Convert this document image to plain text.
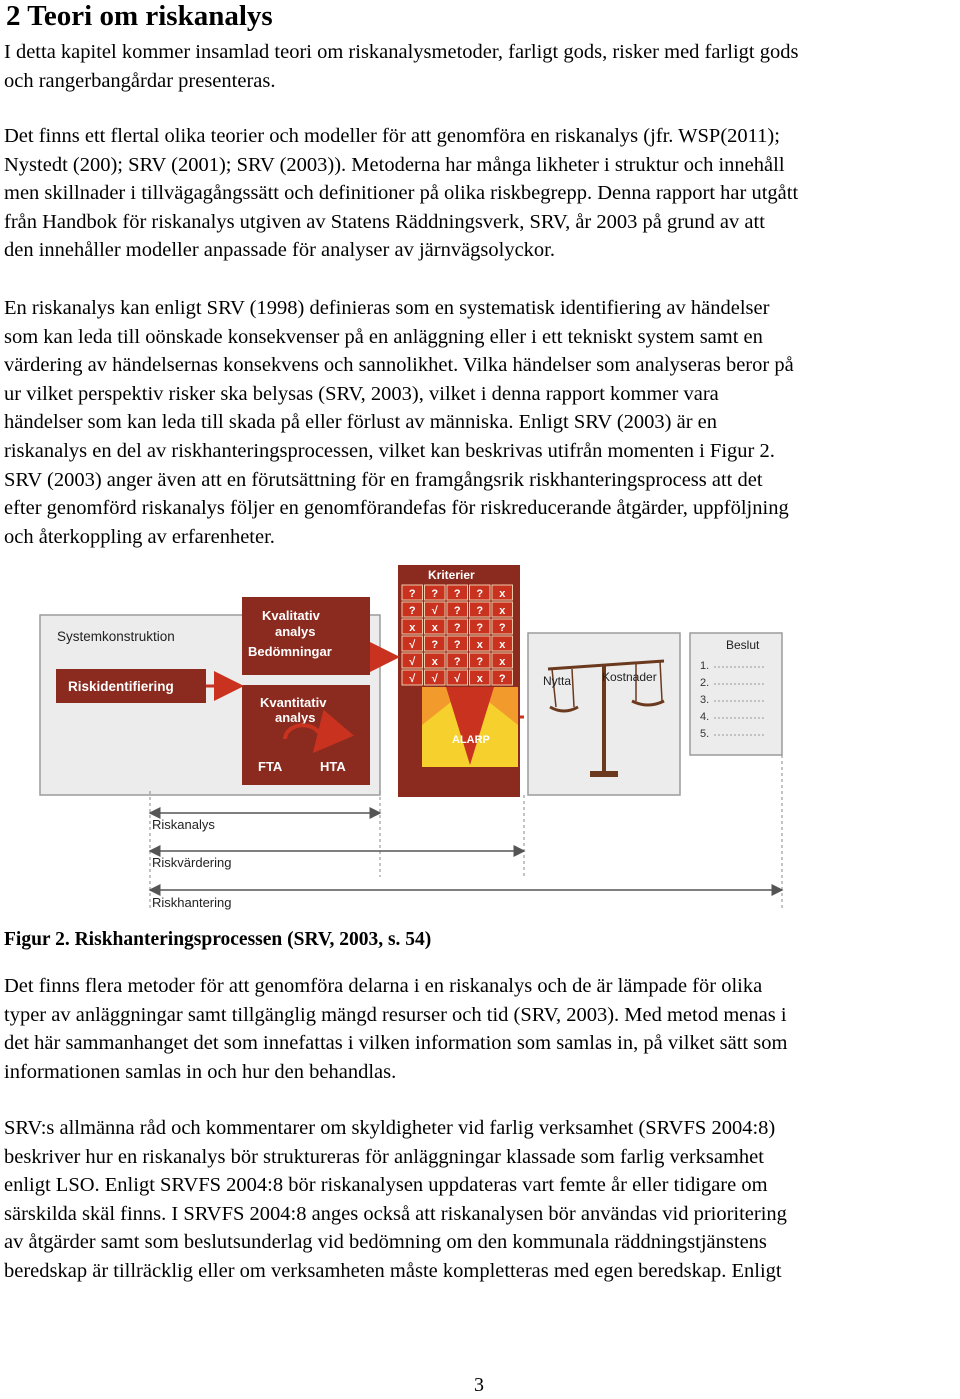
2 Teori om riskanalys

I detta kapitel kommer insamlad teori om riskanalysmetoder, farligt gods, risker med farligt gods
och rangerbangårdar presenteras.

Det finns ett flertal olika teorier och modeller för att genomföra en riskanalys (jfr. WSP(2011);
Nystedt (200); SRV (2001); SRV (2003)). Metoderna har många likheter i struktur och innehåll
men skillnader i tillvägagångssätt och definitioner på olika riskbegrepp. Denna rapport har utgått
från Handbok för riskanalys utgiven av Statens Räddningsverk, SRV, år 2003 på grund av att
den innehåller modeller anpassade för analyser av järnvägsolyckor.

En riskanalys kan enligt SRV (1998) definieras som en systematisk identifiering av händelser
som kan leda till oönskade konsekvenser på en anläggning eller i ett tekniskt system samt en
värdering av händelsernas konsekvens och sannolikhet. Vilka händelser som analyseras beror på
ur vilket perspektiv risker ska belysas (SRV, 2003), vilket i denna rapport kommer vara
händelser som kan leda till skada på eller förlust av människa. Enligt SRV (2003) är en
riskanalys en del av riskhanteringsprocessen, vilket kan beskrivas utifrån momenten i Figur 2.
SRV (2003) anger även att en förutsättning för en framgångsrik riskhanteringsprocess att det
efter genomförd riskanalys följer en genomförandefas för riskreducerande åtgärder, uppföljning
och återkoppling av erfarenheter.

Systemkonstruktion
Riskidentifiering
Kvalitativ
analys
Bedömningar
Kvantitativ
analys
FTA	HTA
Kriterier
? ? ? ? x
? √ ? ? x
x x ? ? ?
√ ? ? x x
√ x ? ? x
√ √ √ x ?
ALARP
Nytta	Kostnader
Beslut
1.
2.
3.
4.
5.
Riskanalys
Riskvärdering
Riskhantering

Figur 2. Riskhanteringsprocessen (SRV, 2003, s. 54)

Det finns flera metoder för att genomföra delarna i en riskanalys och de är lämpade för olika
typer av anläggningar samt tillgänglig mängd resurser och tid (SRV, 2003). Med metod menas i
det här sammanhanget det som innefattas i vilken information som samlas in, på vilket sätt som
informationen samlas in och hur den behandlas.

SRV:s allmänna råd och kommentarer om skyldigheter vid farlig verksamhet (SRVFS 2004:8)
beskriver hur en riskanalys bör struktureras för anläggningar klassade som farlig verksamhet
enligt LSO. Enligt SRVFS 2004:8 bör riskanalysen uppdateras vart femte år eller tidigare om
särskilda skäl finns. I SRVFS 2004:8 anges också att riskanalysen bör användas vid prioritering
av åtgärder samt som beslutsunderlag vid bedömning om den kommunala räddningstjänstens
beredskap är tillräcklig eller om verksamheten måste kompletteras med egen beredskap. Enligt

3
